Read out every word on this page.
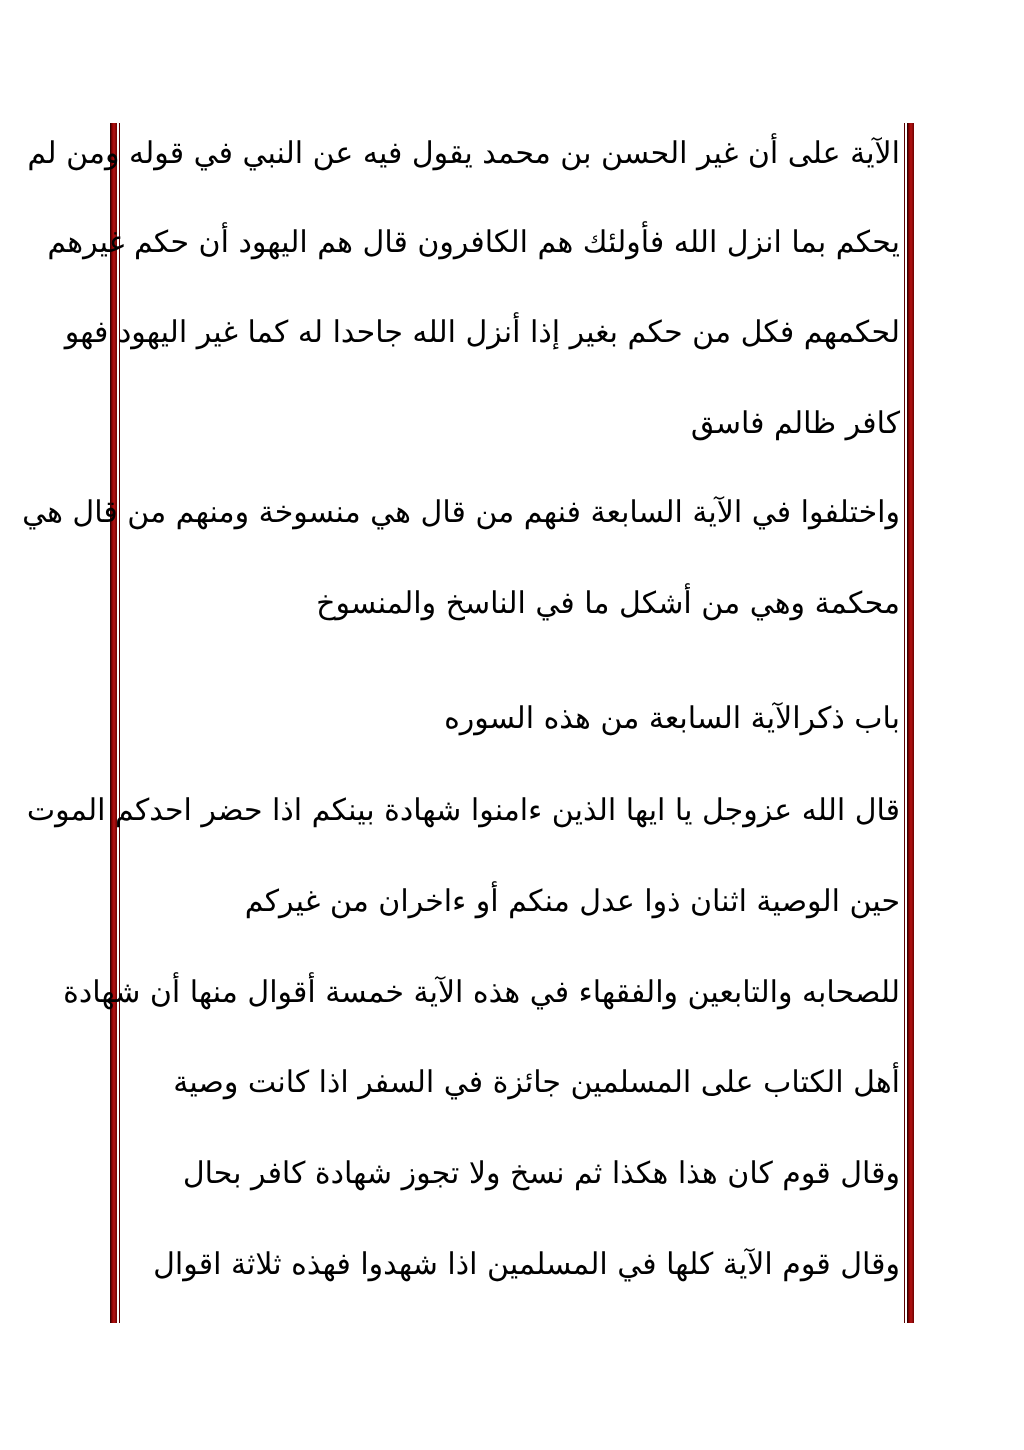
الآية على أن غير الحسن بن محمد يقول فيه عن النبي في قوله ومن لم
يحكم بما انزل الله فأولئك هم الكافرون قال هم اليهود أن حكم غيرهم
لحكمهم فكل من حكم بغير إذا أنزل الله جاحدا له كما غير اليهود فهو
كافر ظالم فاسق
واختلفوا في الآية السابعة فنهم من قال هي منسوخة ومنهم من قال هي
محكمة وهي من أشكل ما في الناسخ والمنسوخ
باب ذكرالآية السابعة من هذه السوره
قال الله عزوجل يا ايها الذين ءامنوا شهادة بينكم اذا حضر احدكم الموت
حين الوصية اثنان ذوا عدل منكم أو ءاخران من غيركم
للصحابه والتابعين والفقهاء في هذه الآية خمسة أقوال منها أن شهادة
أهل الكتاب على المسلمين جائزة في السفر اذا كانت وصية
وقال قوم كان هذا هكذا ثم نسخ ولا تجوز شهادة كافر بحال
وقال قوم الآية كلها في المسلمين اذا شهدوا فهذه ثلاثة اقوال
